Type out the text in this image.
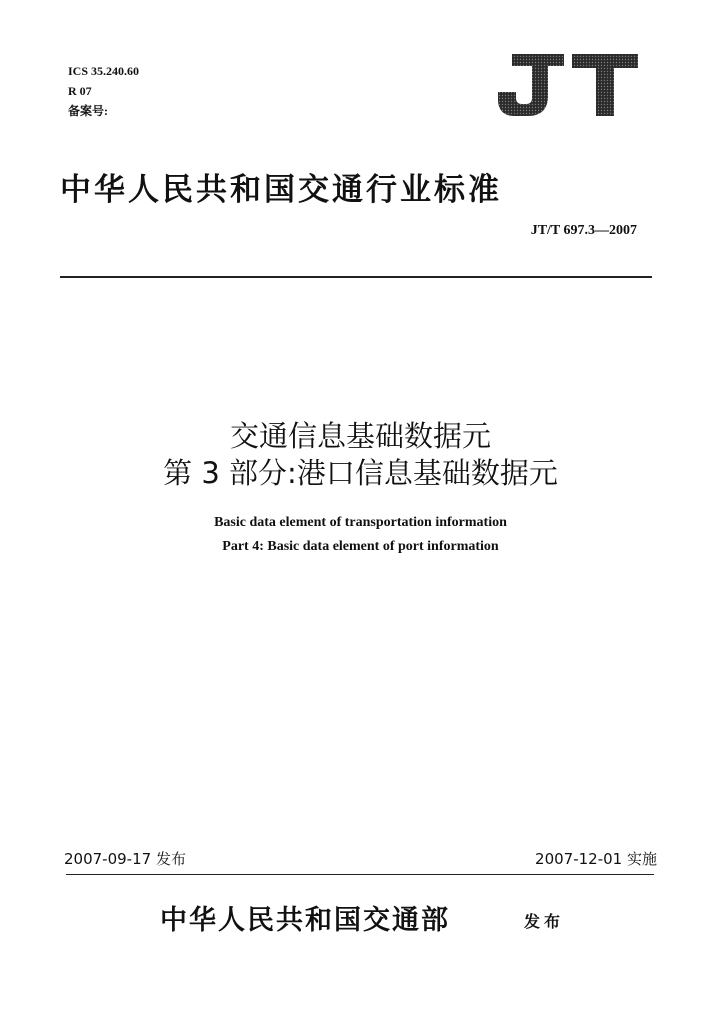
ICS 35.240.60
R 07
备案号:
中华人民共和国交通行业标准
JT/T 697.3—2007
交通信息基础数据元
第 3 部分:港口信息基础数据元
Basic data element of transportation information
Part 4: Basic data element of port information
2007-09-17 发布	2007-12-01 实施
中华人民共和国交通部	发布
